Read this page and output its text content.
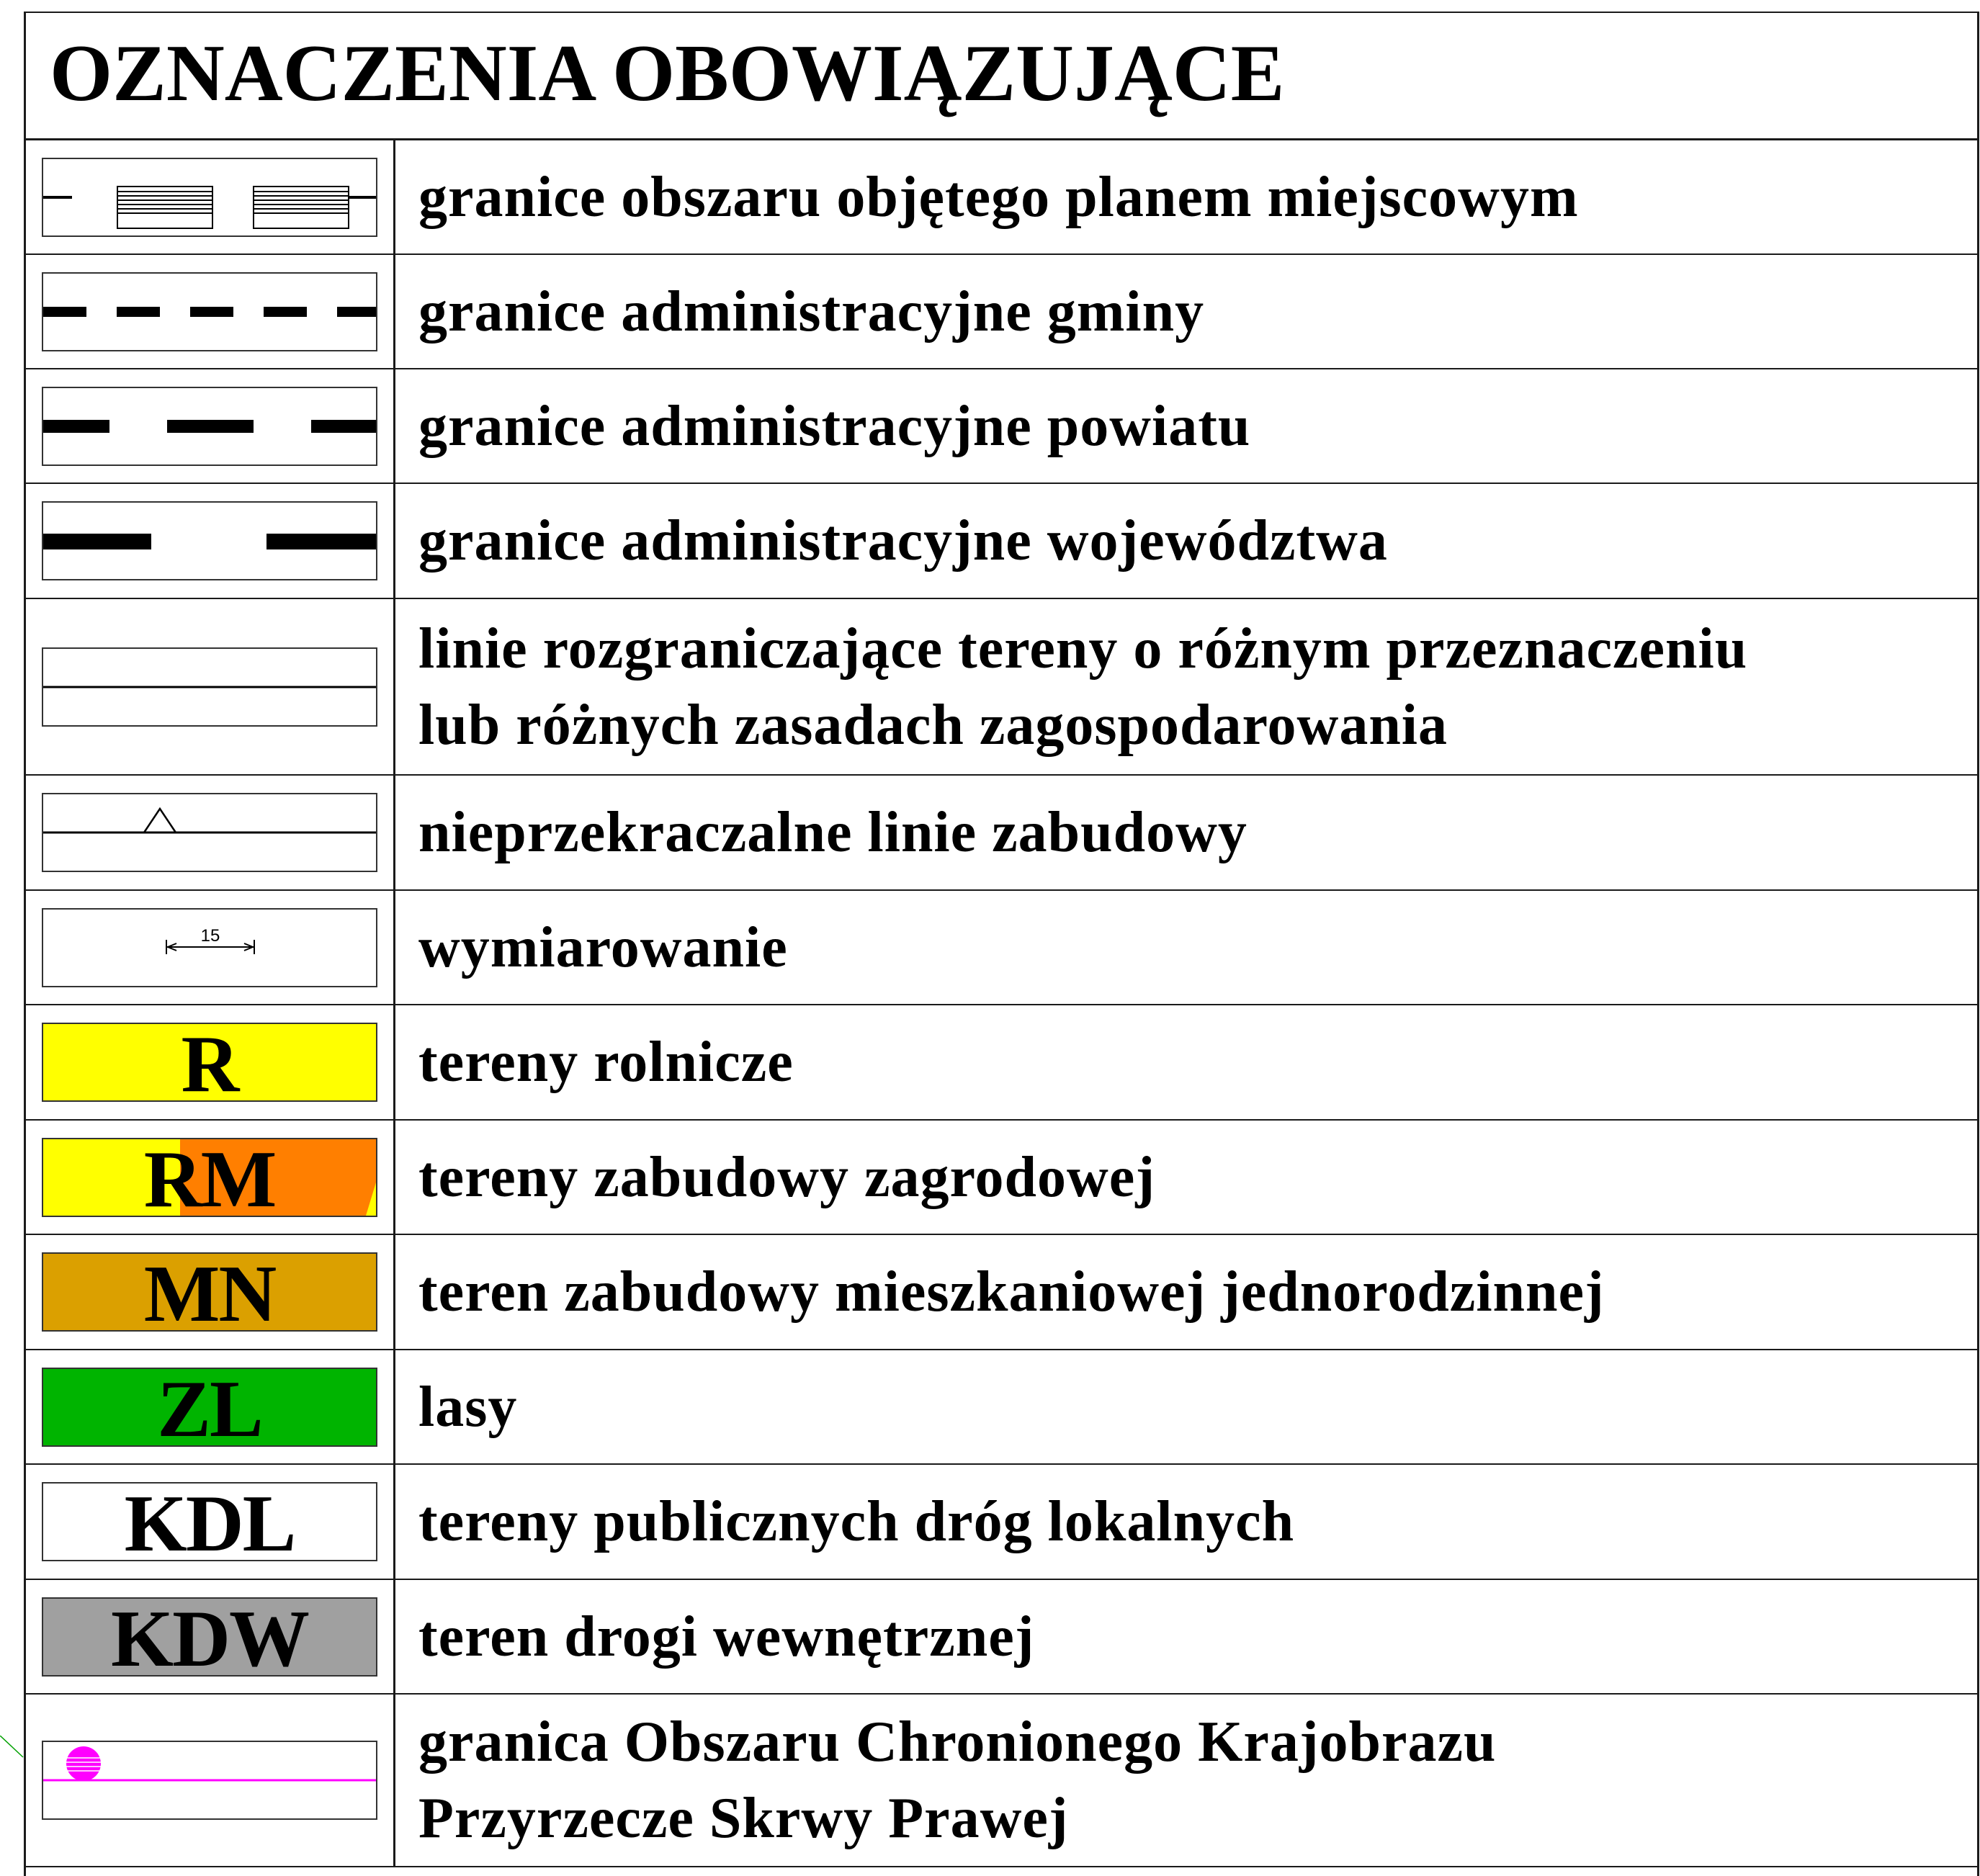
OZNACZENIA OBOWIĄZUJĄCE
granice obszaru objętego planem miejscowym
granice administracyjne gminy
granice administracyjne powiatu
granice administracyjne województwa
linie rozgraniczające tereny o różnym przeznaczeniu
lub różnych zasadach zagospodarowania
nieprzekraczalne linie zabudowy
15	wymiarowanie
R	tereny rolnicze
RM	tereny zabudowy zagrodowej
MN	teren zabudowy mieszkaniowej jednorodzinnej
ZL	lasy
KDL	tereny publicznych dróg lokalnych
KDW	teren drogi wewnętrznej
granica Obszaru Chronionego Krajobrazu
Przyrzecze Skrwy Prawej
